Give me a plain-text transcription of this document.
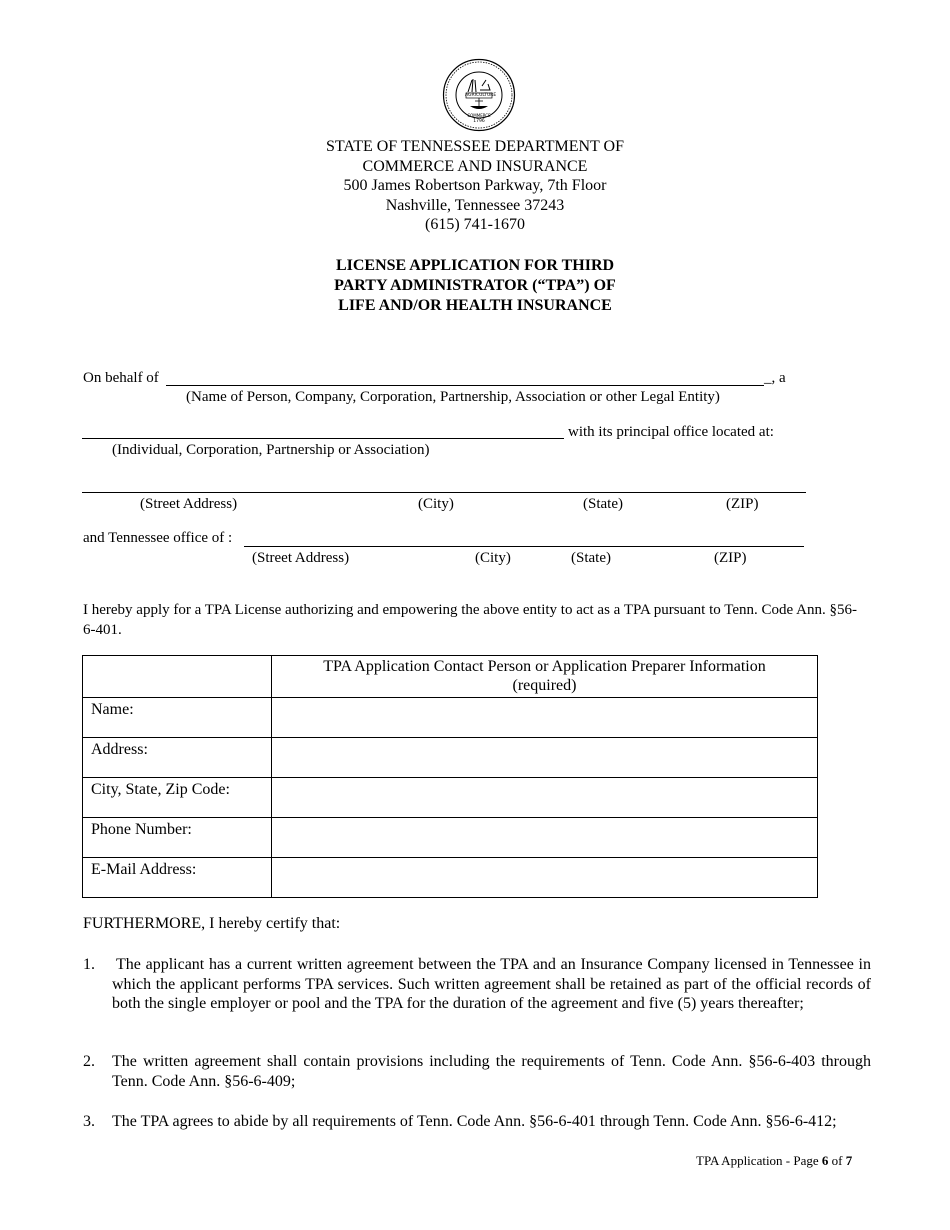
AGRICULTURE
COMMERCE
1796
STATE OF TENNESSEE DEPARTMENT OF
COMMERCE AND INSURANCE
500 James Robertson Parkway, 7th Floor
Nashville, Tennessee 37243
(615) 741-1670
LICENSE APPLICATION FOR THIRD
PARTY ADMINISTRATOR (“TPA”) OF
LIFE AND/OR HEALTH INSURANCE
On behalf of	_, a
(Name of Person, Company, Corporation, Partnership, Association or other Legal Entity)
with its principal office located at:
(Individual, Corporation, Partnership or Association)
(Street Address)	(City)	(State)	(ZIP)
and Tennessee office of :
(Street Address)	(City)	(State)	(ZIP)
I hereby apply for a TPA License authorizing and empowering the above entity to act as a TPA pursuant to Tenn. Code Ann. §56-6-401.

	TPA Application Contact Person or Application Preparer Information
(required)

Name:	
Address:	
City, State, Zip Code:	
Phone Number:	
E-Mail Address:	
FURTHERMORE, I hereby certify that:
1. The applicant has a current written agreement between the TPA and an Insurance Company licensed in Tennessee in which the applicant performs TPA services. Such written agreement shall be retained as part of the official records of both the single employer or pool and the TPA for the duration of the agreement and five (5) years thereafter;
2. The written agreement shall contain provisions including the requirements of Tenn. Code Ann. §56-6-403 through Tenn. Code Ann. §56-6-409;
3. The TPA agrees to abide by all requirements of Tenn. Code Ann. §56-6-401 through Tenn. Code Ann. §56-6-412;
TPA Application - Page 6 of 7
